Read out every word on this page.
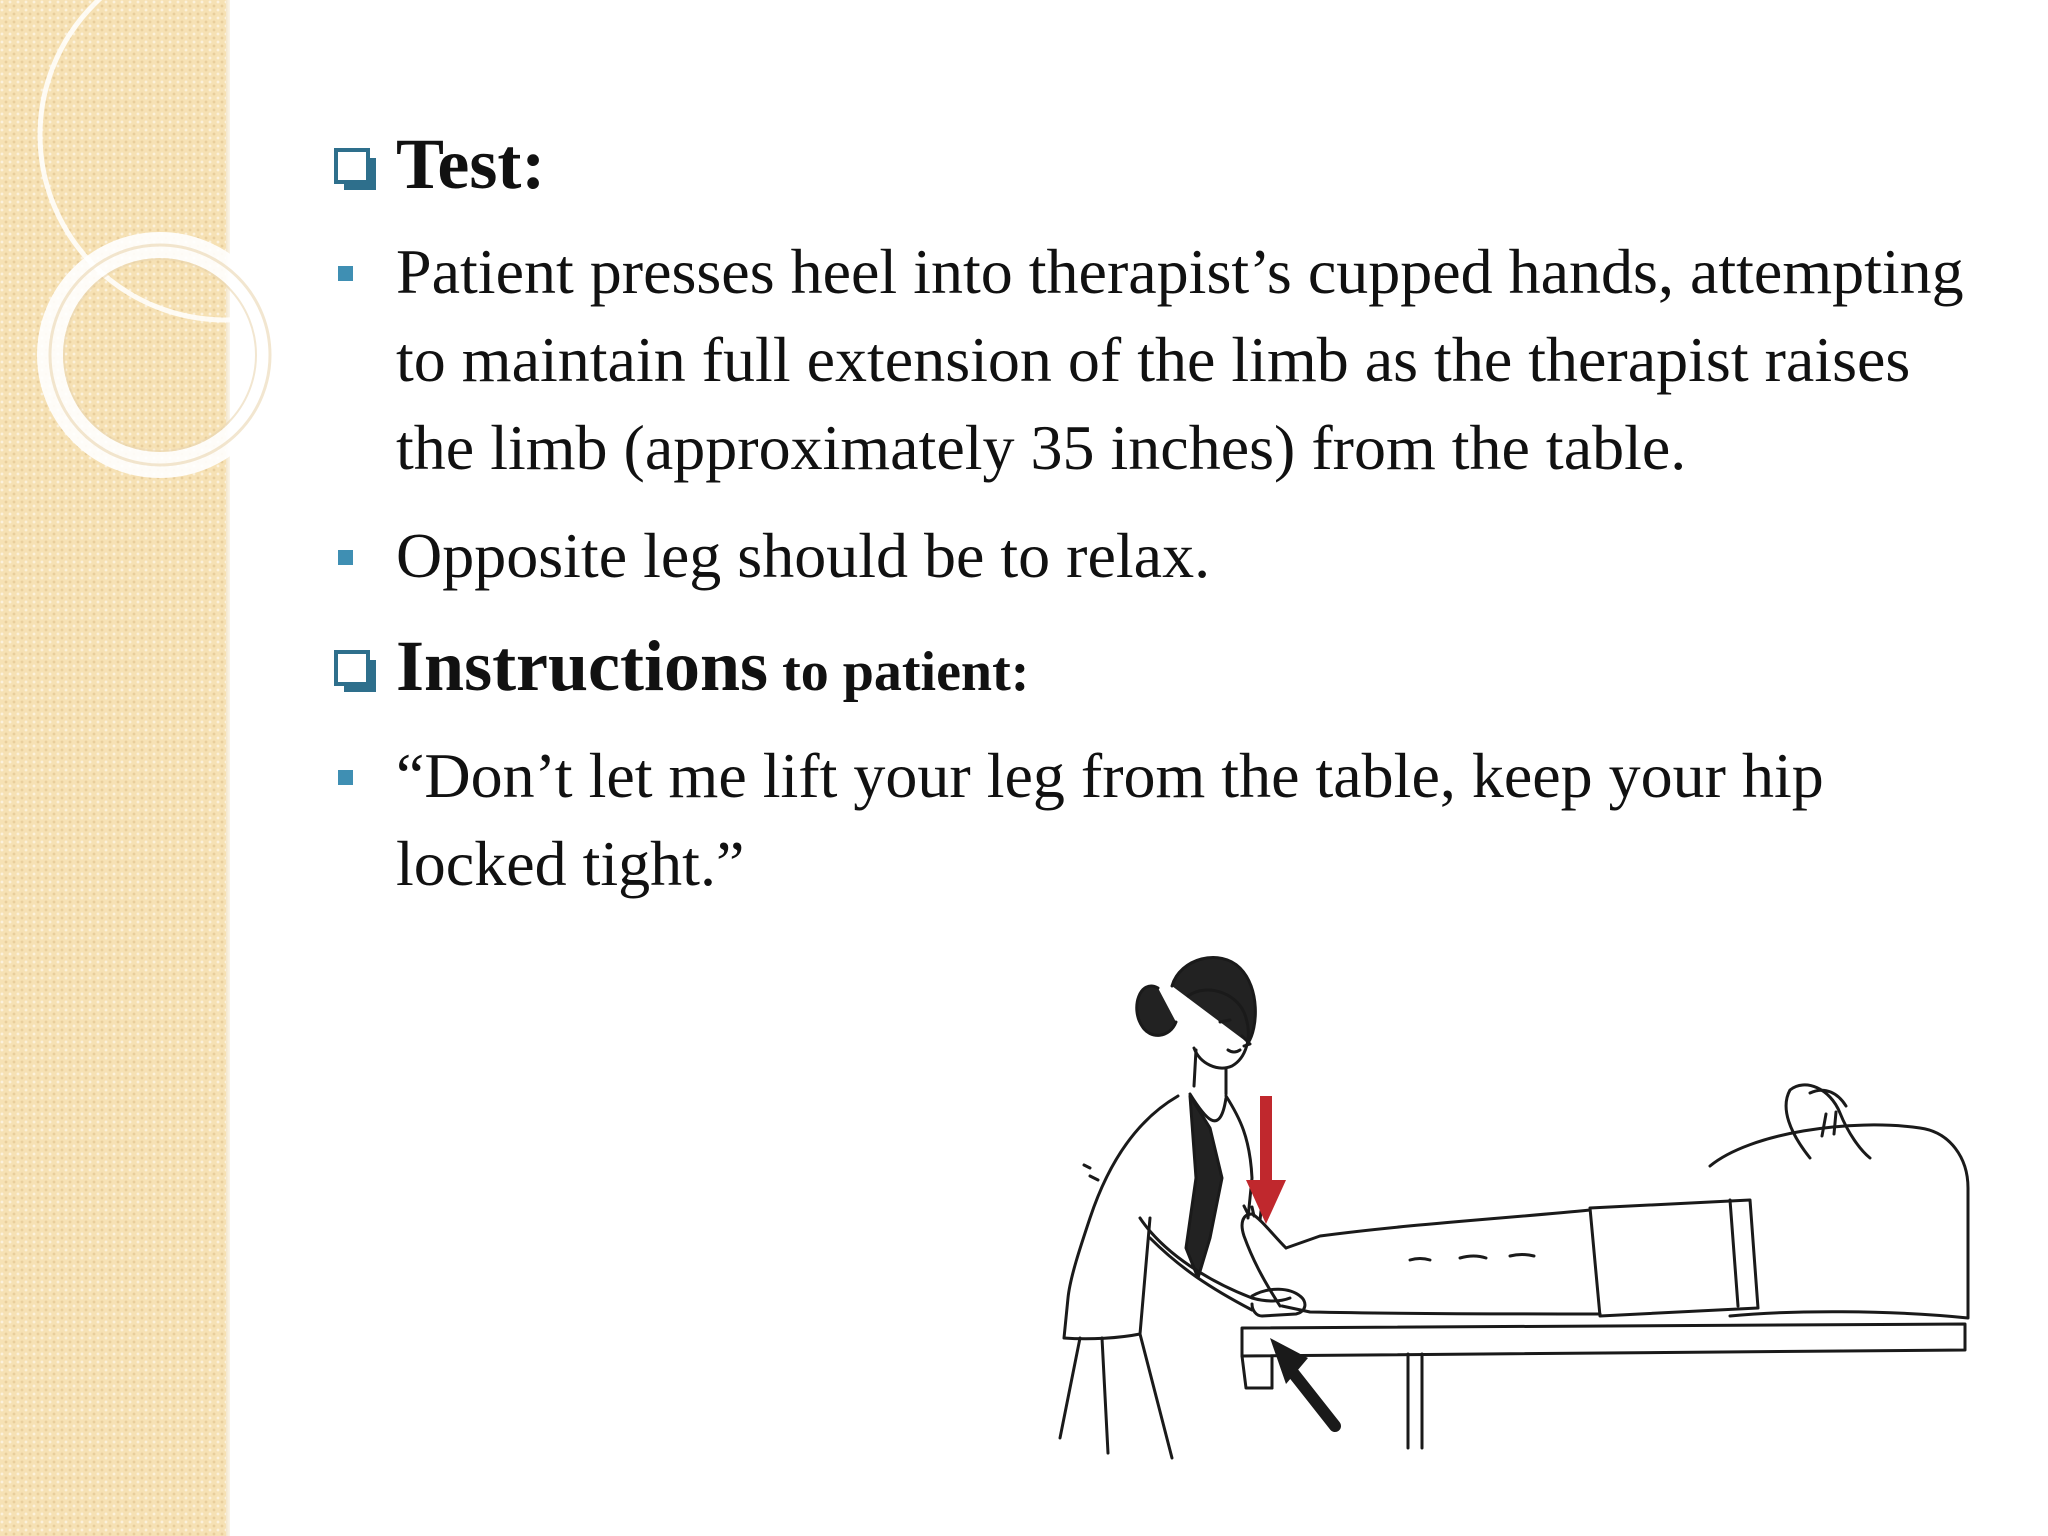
Test:
Patient presses heel into therapist’s cupped hands, attempting to maintain full extension of the limb as the therapist raises the limb (approximately 35 inches) from the table.
Opposite leg should be to relax.
Instructions to patient:
“Don’t let me lift your leg from the table, keep your hip locked tight.”
